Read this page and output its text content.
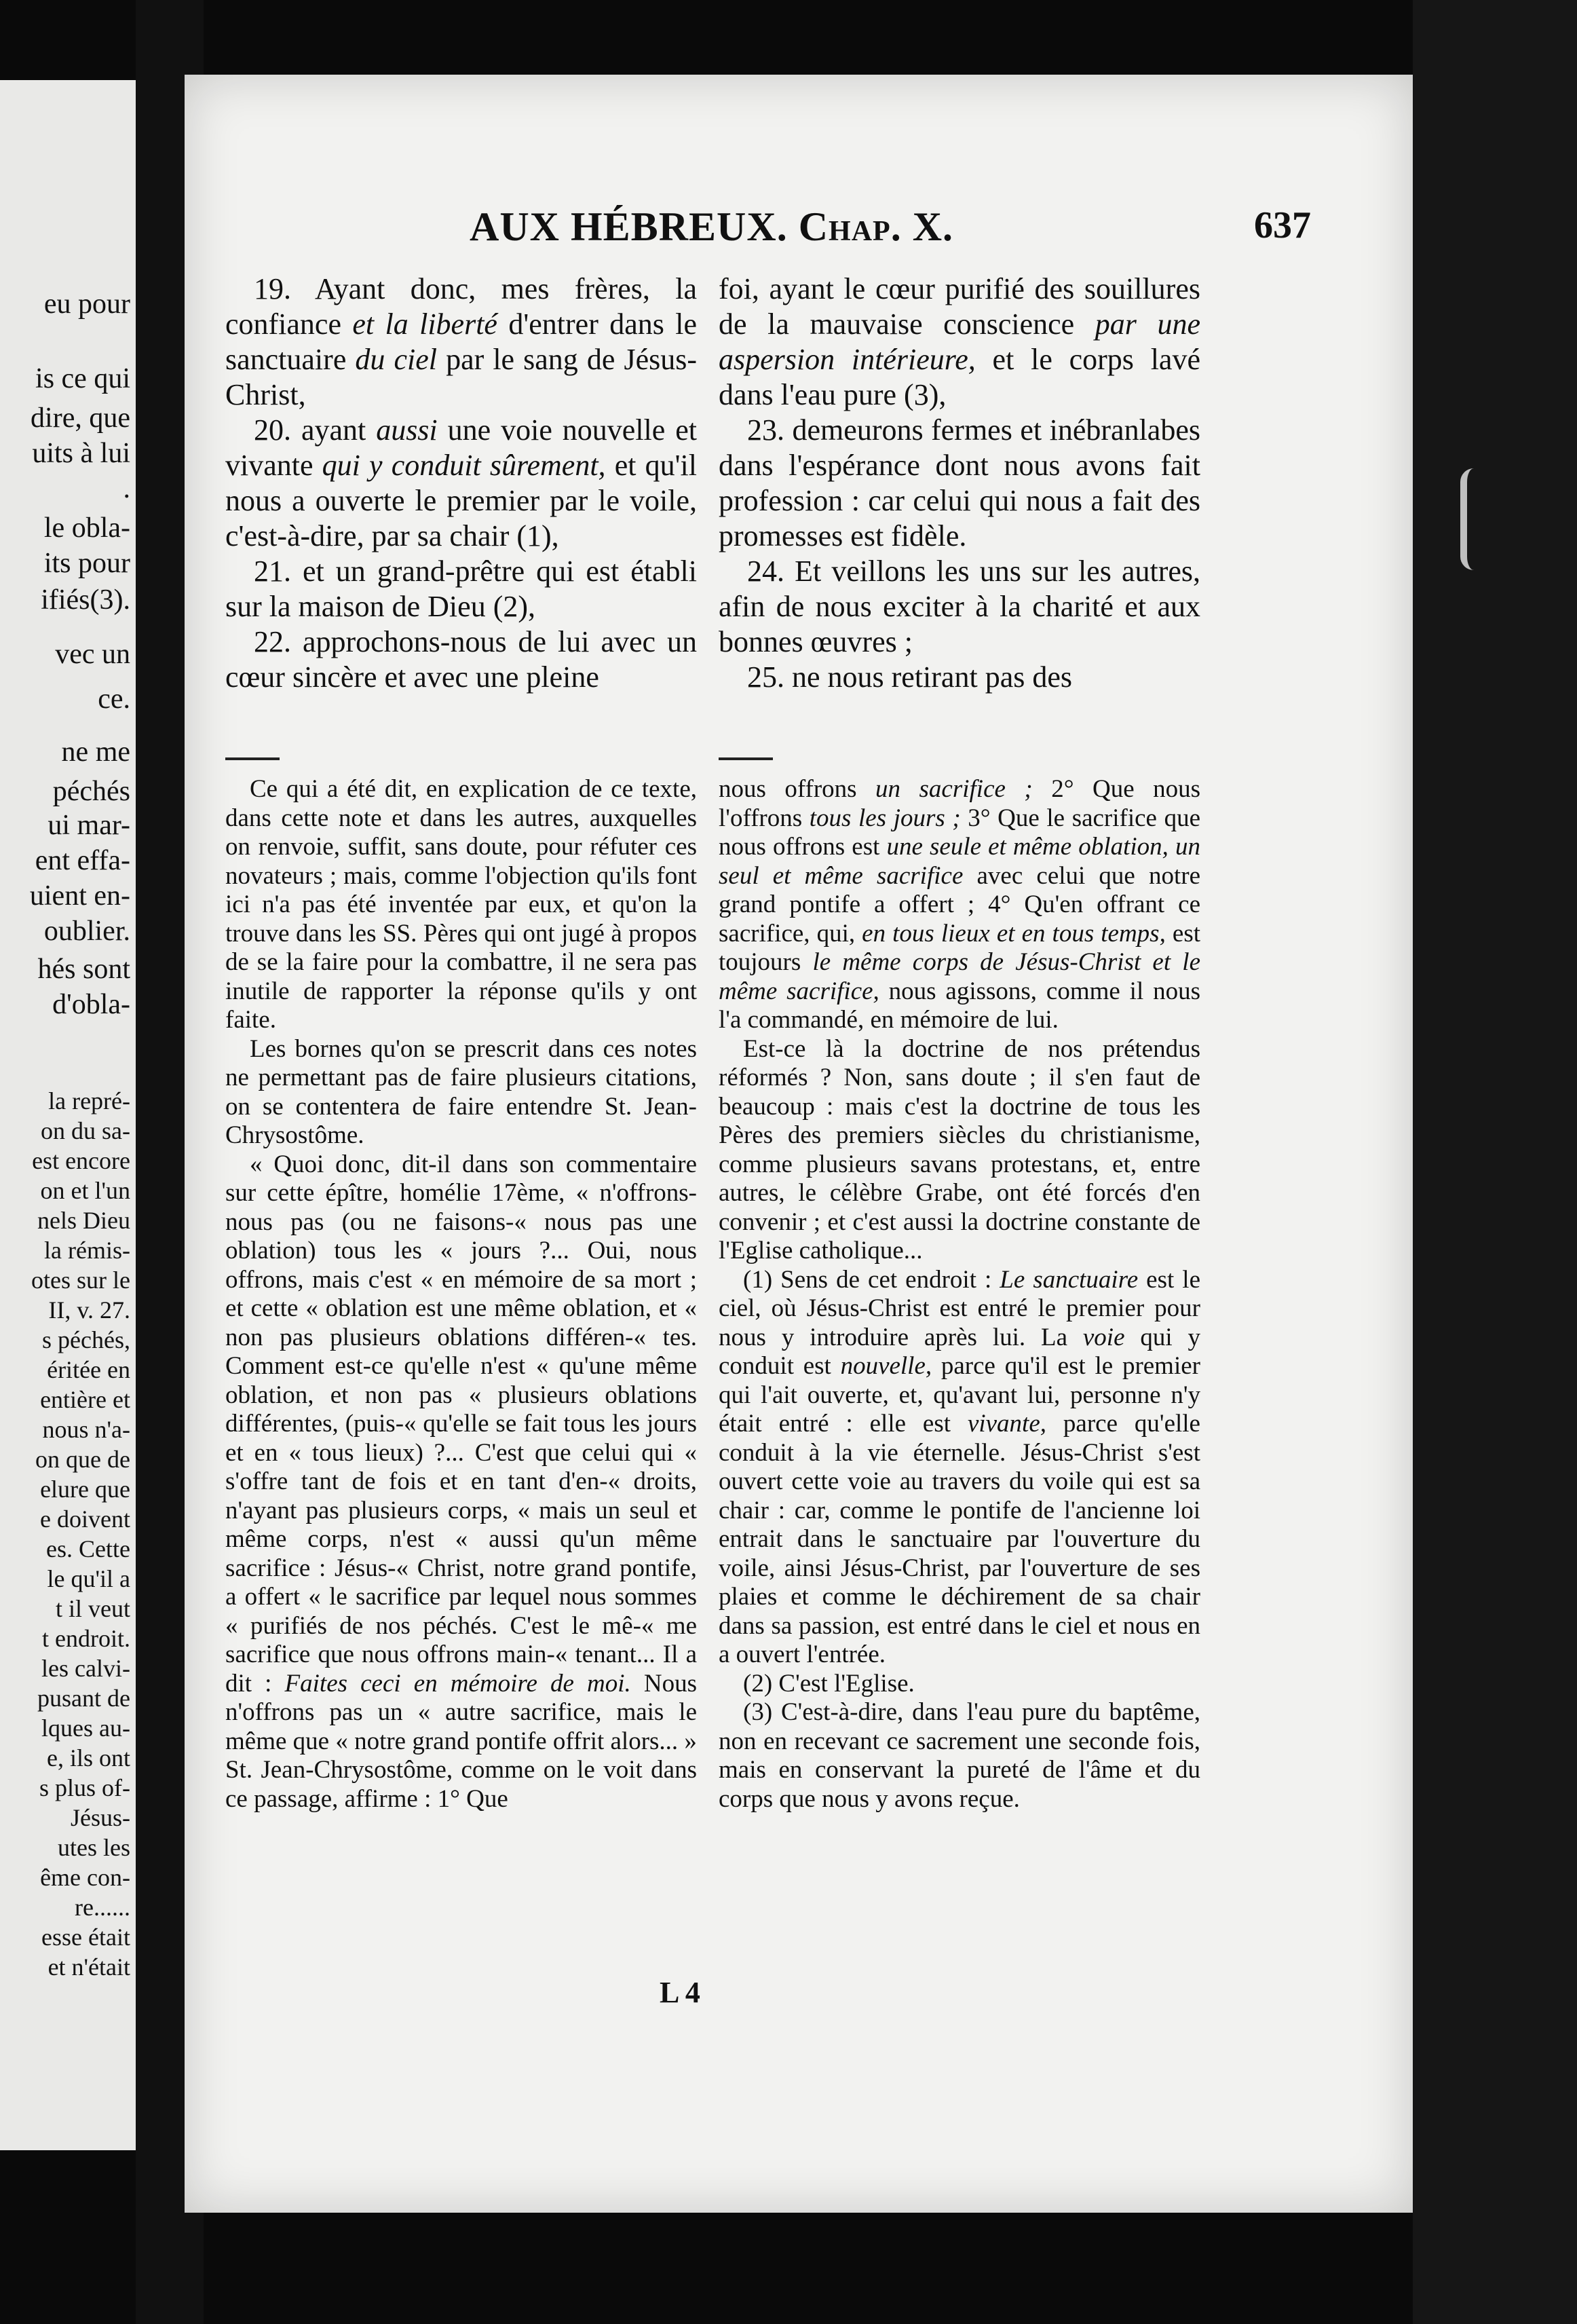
eu pour
is ce qui
dire, que
uits à lui
.
le obla-
its pour
ifiés(3).
vec un
ce.
ne me
péchés
ui mar-
ent effa-
uient en-
oublier.
hés sont
d'obla-
la repré-
on du sa-
est encore
on et l'un
nels Dieu
la rémis-
otes sur le
II, v. 27.
s péchés,
éritée en
entière et
nous n'a-
on que de
elure que
e doivent
es. Cette
le qu'il a
t il veut
t endroit.
les calvi-
pusant de
lques au-
e, ils ont
s plus of-
Jésus-
utes les
ême con-
re......
esse était
et n'était
AUX HÉBREUX. Chap. X.	637

19. Ayant donc, mes frères, la confiance et la liberté d'entrer dans le sanctuaire du ciel par le sang de Jésus-Christ,

20. ayant aussi une voie nouvelle et vivante qui y conduit sûrement, et qu'il nous a ouverte le premier par le voile, c'est-à-dire, par sa chair (1),

21. et un grand-prêtre qui est établi sur la maison de Dieu (2),

22. approchons-nous de lui avec un cœur sincère et avec une pleine

foi, ayant le cœur purifié des souillures de la mauvaise conscience par une aspersion intérieure, et le corps lavé dans l'eau pure (3),

23. demeurons fermes et inébranlabes dans l'espérance dont nous avons fait profession : car celui qui nous a fait des promesses est fidèle.

24. Et veillons les uns sur les autres, afin de nous exciter à la charité et aux bonnes œuvres ;

25. ne nous retirant pas des

Ce qui a été dit, en explication de ce texte, dans cette note et dans les autres, auxquelles on renvoie, suffit, sans doute, pour réfuter ces novateurs ; mais, comme l'objection qu'ils font ici n'a pas été inventée par eux, et qu'on la trouve dans les SS. Pères qui ont jugé à propos de se la faire pour la combattre, il ne sera pas inutile de rapporter la réponse qu'ils y ont faite.

Les bornes qu'on se prescrit dans ces notes ne permettant pas de faire plusieurs citations, on se contentera de faire entendre St. Jean-Chrysostôme.

« Quoi donc, dit-il dans son commentaire sur cette épître, homélie 17ème, « n'offrons-nous pas (ou ne faisons-« nous pas une oblation) tous les « jours ?... Oui, nous offrons, mais c'est « en mémoire de sa mort ; et cette « oblation est une même oblation, et « non pas plusieurs oblations différen-« tes. Comment est-ce qu'elle n'est « qu'une même oblation, et non pas « plusieurs oblations différentes, (puis-« qu'elle se fait tous les jours et en « tous lieux) ?... C'est que celui qui « s'offre tant de fois et en tant d'en-« droits, n'ayant pas plusieurs corps, « mais un seul et même corps, n'est « aussi qu'un même sacrifice : Jésus-« Christ, notre grand pontife, a offert « le sacrifice par lequel nous sommes « purifiés de nos péchés. C'est le mê-« me sacrifice que nous offrons main-« tenant... Il a dit : Faites ceci en mémoire de moi. Nous n'offrons pas un « autre sacrifice, mais le même que « notre grand pontife offrit alors... »

St. Jean-Chrysostôme, comme on le voit dans ce passage, affirme : 1° Que

nous offrons un sacrifice ; 2° Que nous l'offrons tous les jours ; 3° Que le sacrifice que nous offrons est une seule et même oblation, un seul et même sacrifice avec celui que notre grand pontife a offert ; 4° Qu'en offrant ce sacrifice, qui, en tous lieux et en tous temps, est toujours le même corps de Jésus-Christ et le même sacrifice, nous agissons, comme il nous l'a commandé, en mémoire de lui.

Est-ce là la doctrine de nos prétendus réformés ? Non, sans doute ; il s'en faut de beaucoup : mais c'est la doctrine de tous les Pères des premiers siècles du christianisme, comme plusieurs savans protestans, et, entre autres, le célèbre Grabe, ont été forcés d'en convenir ; et c'est aussi la doctrine constante de l'Eglise catholique...

(1) Sens de cet endroit : Le sanctuaire est le ciel, où Jésus-Christ est entré le premier pour nous y introduire après lui. La voie qui y conduit est nouvelle, parce qu'il est le premier qui l'ait ouverte, et, qu'avant lui, personne n'y était entré : elle est vivante, parce qu'elle conduit à la vie éternelle. Jésus-Christ s'est ouvert cette voie au travers du voile qui est sa chair : car, comme le pontife de l'ancienne loi entrait dans le sanctuaire par l'ouverture du voile, ainsi Jésus-Christ, par l'ouverture de ses plaies et comme le déchirement de sa chair dans sa passion, est entré dans le ciel et nous en a ouvert l'entrée.

(2) C'est l'Eglise.

(3) C'est-à-dire, dans l'eau pure du baptême, non en recevant ce sacrement une seconde fois, mais en conservant la pureté de l'âme et du corps que nous y avons reçue.

L 4
